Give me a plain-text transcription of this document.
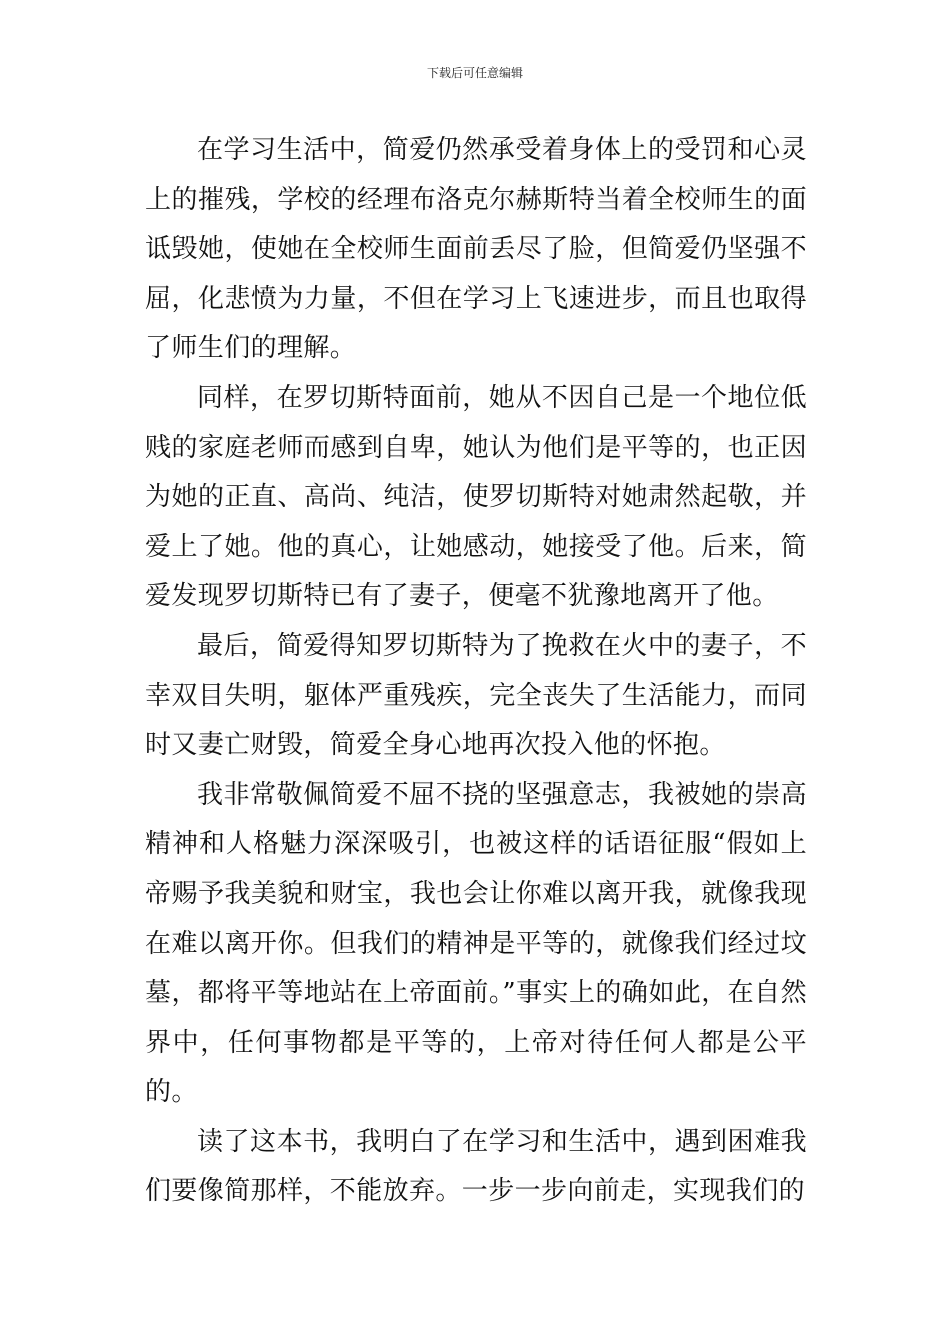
下载后可任意编辑

在学习生活中，简爱仍然承受着身体上的受罚和心灵上的摧残，学校的经理布洛克尔赫斯特当着全校师生的面诋毁她，使她在全校师生面前丢尽了脸，但简爱仍坚强不屈，化悲愤为力量，不但在学习上飞速进步，而且也取得了师生们的理解。

同样，在罗切斯特面前，她从不因自己是一个地位低贱的家庭老师而感到自卑，她认为他们是平等的，也正因为她的正直、高尚、纯洁，使罗切斯特对她肃然起敬，并爱上了她。他的真心，让她感动，她接受了他。后来，简爱发现罗切斯特已有了妻子，便毫不犹豫地离开了他。

最后，简爱得知罗切斯特为了挽救在火中的妻子，不幸双目失明，躯体严重残疾，完全丧失了生活能力，而同时又妻亡财毁，简爱全身心地再次投入他的怀抱。

我非常敬佩简爱不屈不挠的坚强意志，我被她的崇高精神和人格魅力深深吸引，也被这样的话语征服“假如上帝赐予我美貌和财宝，我也会让你难以离开我，就像我现在难以离开你。但我们的精神是平等的，就像我们经过坟墓，都将平等地站在上帝面前。”事实上的确如此，在自然界中，任何事物都是平等的，上帝对待任何人都是公平的。

读了这本书，我明白了在学习和生活中，遇到困难我们要像简那样，不能放弃。一步一步向前走，实现我们的
